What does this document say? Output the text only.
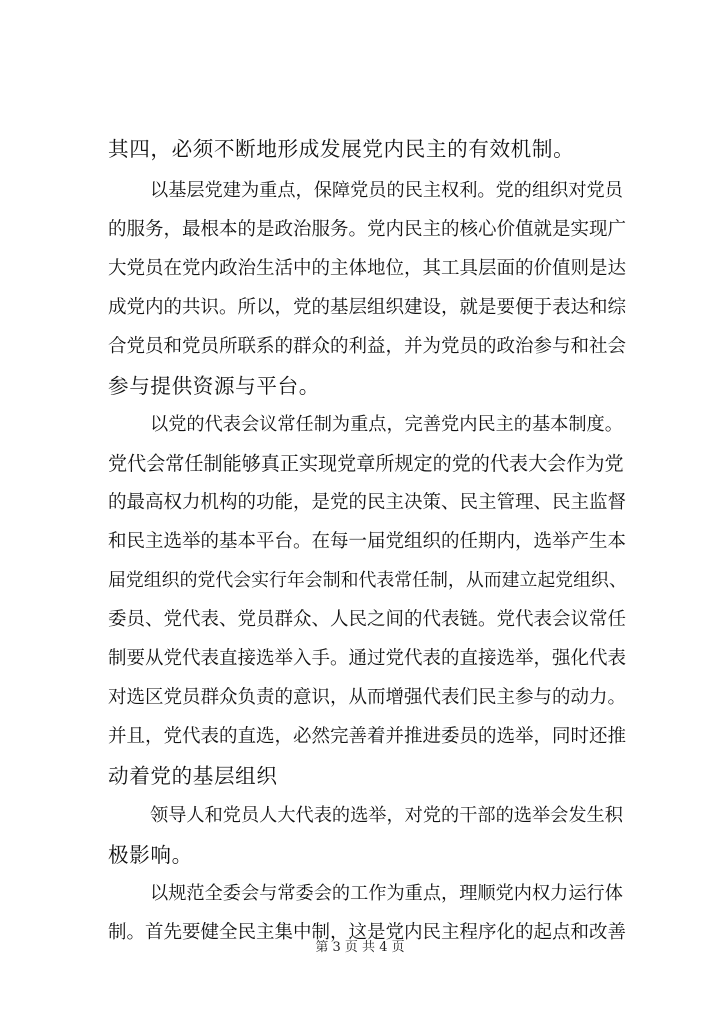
其四，必须不断地形成发展党内民主的有效机制。
以基层党建为重点，保障党员的民主权利。党的组织对党员
的服务，最根本的是政治服务。党内民主的核心价值就是实现广
大党员在党内政治生活中的主体地位，其工具层面的价值则是达
成党内的共识。所以，党的基层组织建设，就是要便于表达和综
合党员和党员所联系的群众的利益，并为党员的政治参与和社会
参与提供资源与平台。
以党的代表会议常任制为重点，完善党内民主的基本制度。
党代会常任制能够真正实现党章所规定的党的代表大会作为党
的最高权力机构的功能，是党的民主决策、民主管理、民主监督
和民主选举的基本平台。在每一届党组织的任期内，选举产生本
届党组织的党代会实行年会制和代表常任制，从而建立起党组织、
委员、党代表、党员群众、人民之间的代表链。党代表会议常任
制要从党代表直接选举入手。通过党代表的直接选举，强化代表
对选区党员群众负责的意识，从而增强代表们民主参与的动力。
并且，党代表的直选，必然完善着并推进委员的选举，同时还推
动着党的基层组织
领导人和党员人大代表的选举，对党的干部的选举会发生积
极影响。
以规范全委会与常委会的工作为重点，理顺党内权力运行体
制。首先要健全民主集中制，这是党内民主程序化的起点和改善
第 3 页 共 4 页
